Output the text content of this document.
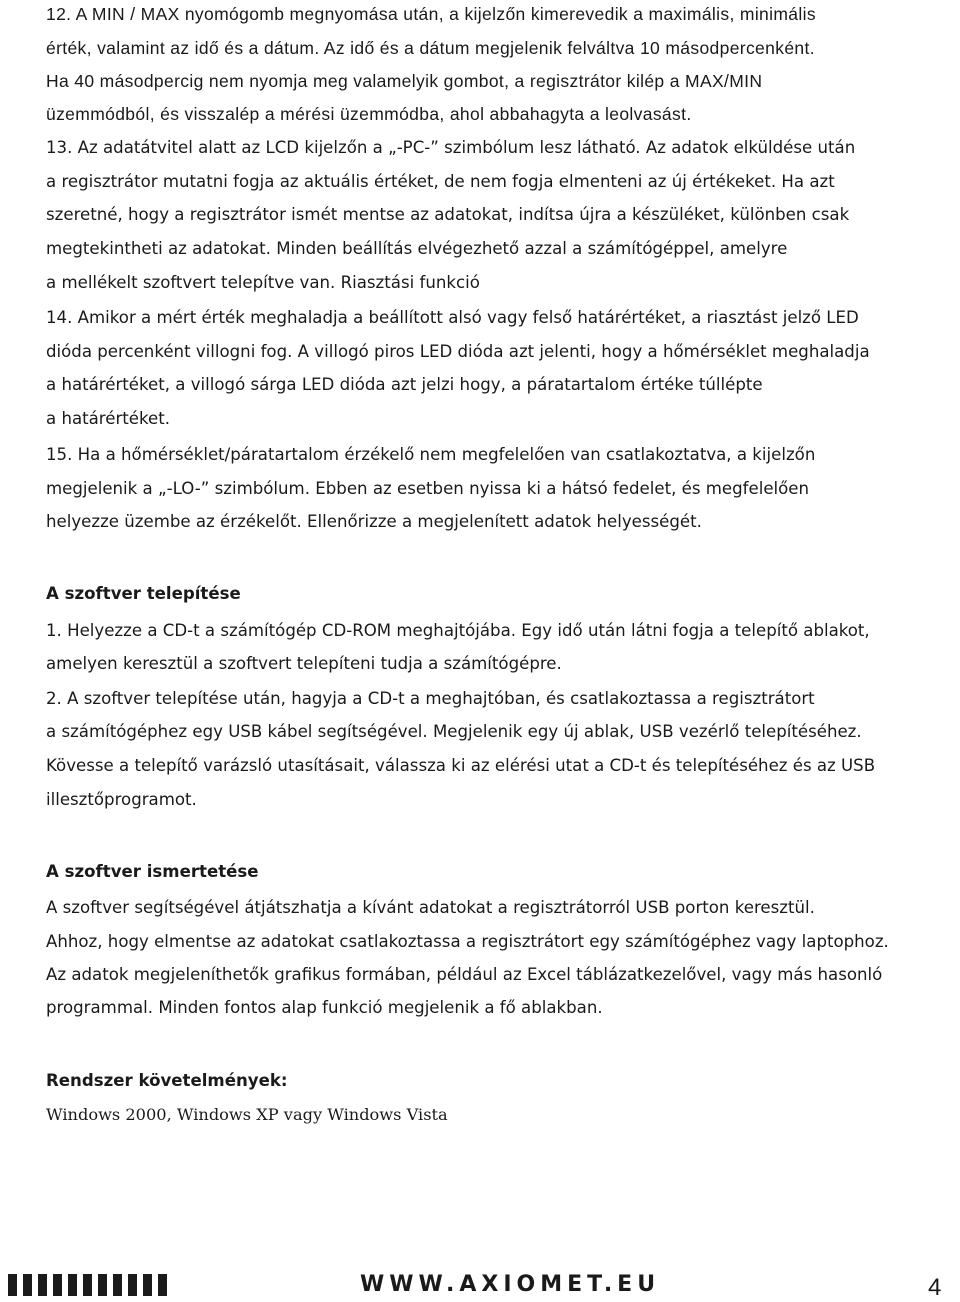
12. A MIN / MAX nyomógomb megnyomása után, a kijelzőn kimerevedik a maximális, minimális
érték, valamint az idő és a dátum. Az idő és a dátum megjelenik felváltva 10 másodpercenként.
Ha 40 másodpercig nem nyomja meg valamelyik gombot, a regisztrátor kilép a MAX/MIN
üzemmódból, és visszalép a mérési üzemmódba, ahol abbahagyta a leolvasást.
13. Az adatátvitel alatt az LCD kijelzőn a „-PC-” szimbólum lesz látható. Az adatok elküldése után
a regisztrátor mutatni fogja az aktuális értéket, de nem fogja elmenteni az új értékeket. Ha azt
szeretné, hogy a regisztrátor ismét mentse az adatokat, indítsa újra a készüléket, különben csak
megtekintheti az adatokat. Minden beállítás elvégezhető azzal a számítógéppel, amelyre
a mellékelt szoftvert telepítve van. Riasztási funkció
14. Amikor a mért érték meghaladja a beállított alsó vagy felső határértéket, a riasztást jelző LED
dióda percenként villogni fog. A villogó piros LED dióda azt jelenti, hogy a hőmérséklet meghaladja
a határértéket, a villogó sárga LED dióda azt jelzi hogy, a páratartalom értéke túllépte
a határértéket.
15. Ha a hőmérséklet/páratartalom érzékelő nem megfelelően van csatlakoztatva, a kijelzőn
megjelenik a „-LO-” szimbólum. Ebben az esetben nyissa ki a hátsó fedelet, és megfelelően
helyezze üzembe az érzékelőt. Ellenőrizze a megjelenített adatok helyességét.
A szoftver telepítése
1. Helyezze a CD-t a számítógép CD-ROM meghajtójába. Egy idő után látni fogja a telepítő ablakot,
amelyen keresztül a szoftvert telepíteni tudja a számítógépre.
2. A szoftver telepítése után, hagyja a CD-t a meghajtóban, és csatlakoztassa a regisztrátort
a számítógéphez egy USB kábel segítségével. Megjelenik egy új ablak, USB vezérlő telepítéséhez.
Kövesse a telepítő varázsló utasításait, válassza ki az elérési utat a CD-t és telepítéséhez és az USB
illesztőprogramot.
A szoftver ismertetése
A szoftver segítségével átjátszhatja a kívánt adatokat a regisztrátorról USB porton keresztül.
Ahhoz, hogy elmentse az adatokat csatlakoztassa a regisztrátort egy számítógéphez vagy laptophoz.
Az adatok megjeleníthetők grafikus formában, például az Excel táblázatkezelővel, vagy más hasonló
programmal. Minden fontos alap funkció megjelenik a fő ablakban.
Rendszer követelmények:
Windows 2000, Windows XP vagy Windows Vista
WWW.AXIOMET.EU	4
